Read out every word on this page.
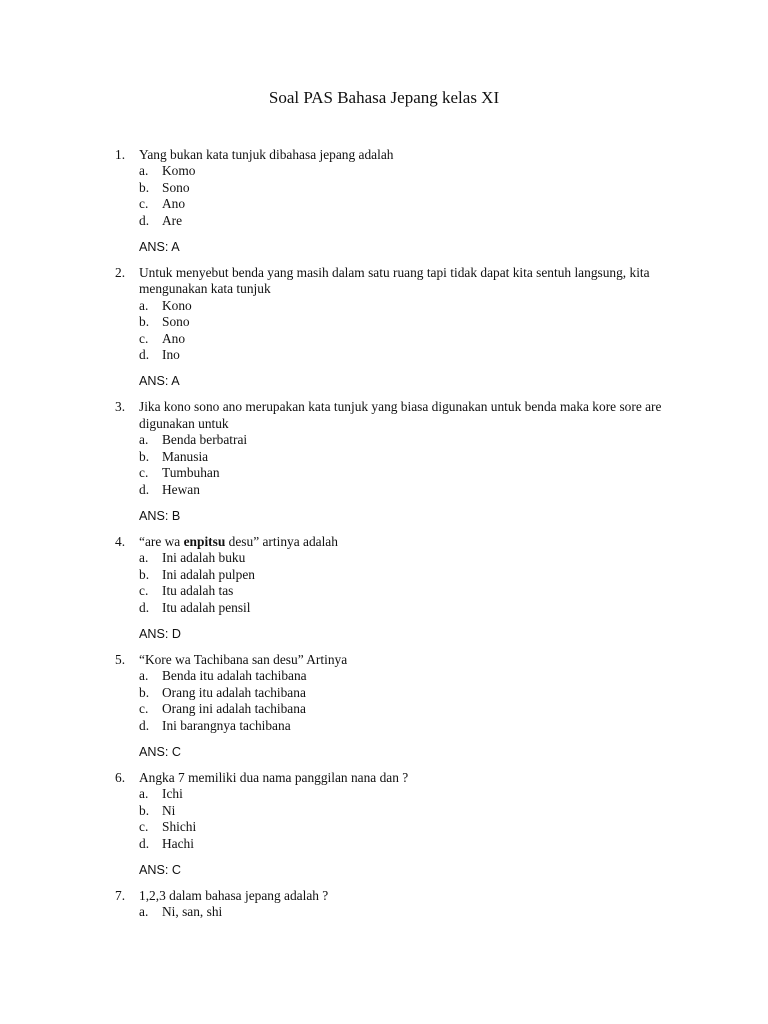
Soal PAS Bahasa Jepang kelas XI
1.	Yang bukan kata tunjuk dibahasa jepang adalah
a.	Komo
b. Sono
c.	Ano
d. Are
ANS: A
2.	Untuk menyebut benda yang masih dalam satu ruang tapi tidak dapat kita sentuh langsung, kita mengunakan kata tunjuk
a.	Kono
b. Sono
c.	Ano
d. Ino
ANS: A
3.	Jika kono sono ano merupakan kata tunjuk yang biasa digunakan untuk benda maka kore sore are digunakan untuk
a.	Benda berbatrai
b. Manusia
c.	Tumbuhan
d. Hewan
ANS: B
4.	“are wa enpitsu desu” artinya adalah
a.	Ini adalah buku
b. Ini adalah pulpen
c.	Itu adalah tas
d. Itu adalah pensil
ANS: D
5.	“Kore wa Tachibana san desu” Artinya
a.	Benda itu adalah tachibana
b. Orang itu adalah tachibana
c.	Orang ini adalah tachibana
d. Ini barangnya tachibana
ANS: C
6.	Angka 7 memiliki dua nama panggilan nana dan ?
a.	Ichi
b. Ni
c.	Shichi
d. Hachi
ANS: C
7.	1,2,3 dalam bahasa jepang adalah ?
a.	Ni, san, shi
